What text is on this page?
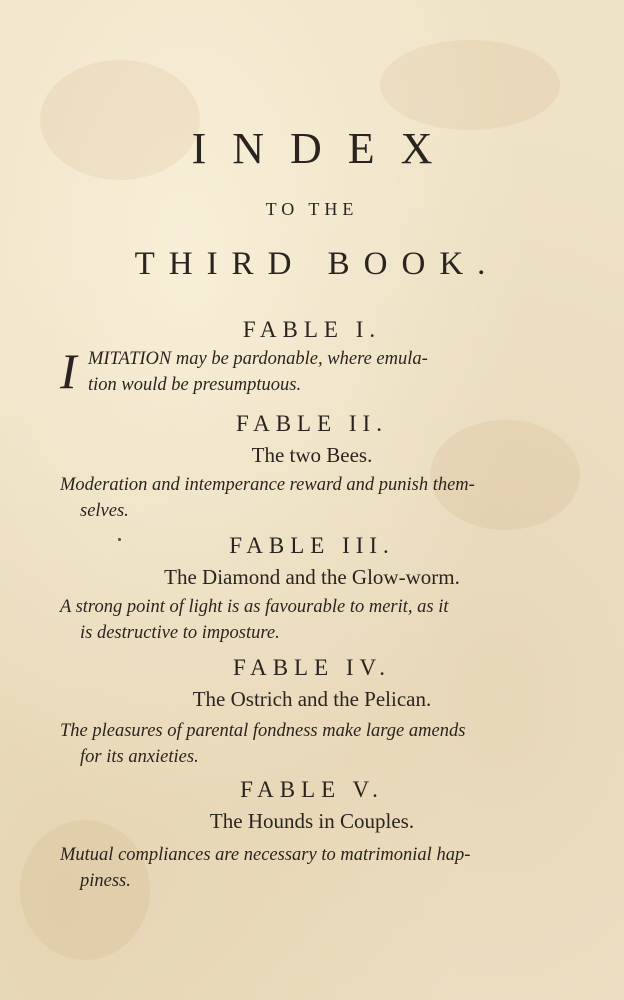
INDEX
TO THE
THIRD BOOK.
FABLE I.
I MITATION may be pardonable, where emula-
tion would be presumptuous.
FABLE II.
The two Bees.
Moderation and intemperance reward and punish them-
selves.
FABLE III.
The Diamond and the Glow-worm.
A strong point of light is as favourable to merit, as it
is destructive to imposture.
FABLE IV.
The Ostrich and the Pelican.
The pleasures of parental fondness make large amends
for its anxieties.
FABLE V.
The Hounds in Couples.
Mutual compliances are necessary to matrimonial hap-
piness.
